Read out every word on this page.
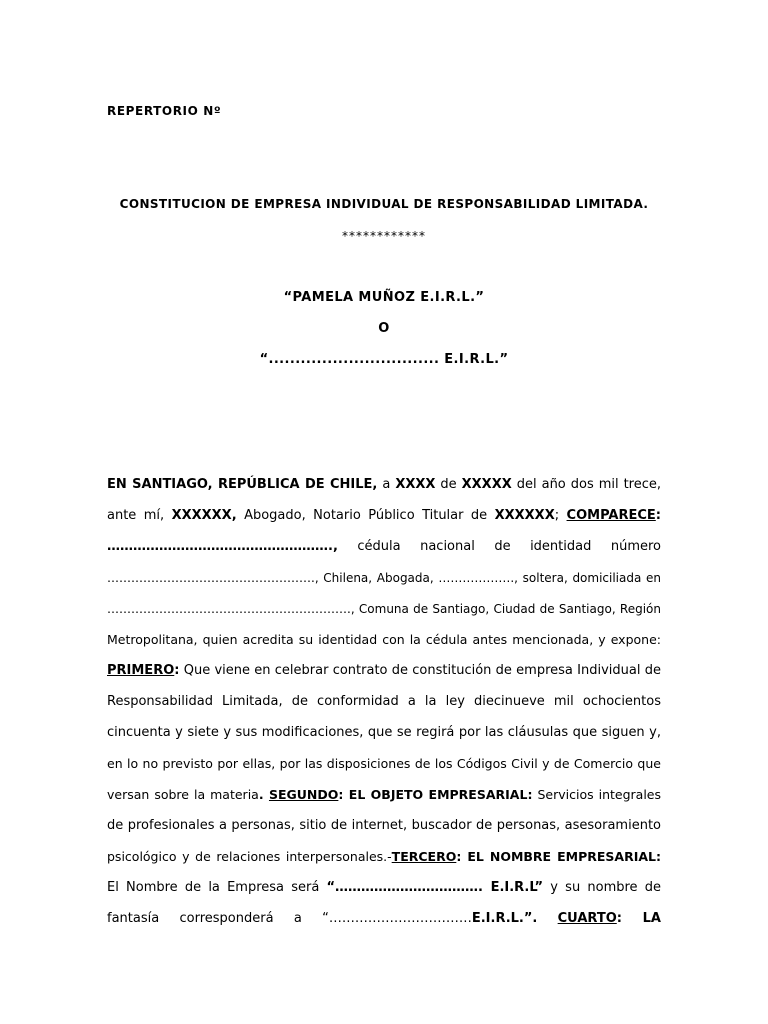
REPERTORIO Nº
CONSTITUCION DE EMPRESA INDIVIDUAL DE RESPONSABILIDAD LIMITADA.
************
“PAMELA MUÑOZ E.I.R.L.”
O
“................................ E.I.R.L.”
EN SANTIAGO, REPÚBLICA DE CHILE, a XXXX de XXXXX del año dos mil trece,
ante mí, XXXXXX, Abogado, Notario Público Titular de XXXXXX; COMPARECE:
……………………………………………., cédula nacional de identidad número
……………………………………………., Chilena, Abogada, ………………., soltera, domiciliada en
……………………………………………………., Comuna de Santiago, Ciudad de Santiago, Región
Metropolitana, quien acredita su identidad con la cédula antes mencionada, y expone:
PRIMERO: Que viene en celebrar contrato de constitución de empresa Individual de
Responsabilidad Limitada, de conformidad a la ley diecinueve mil ochocientos
cincuenta y siete y sus modificaciones, que se regirá por las cláusulas que siguen y,
en lo no previsto por ellas, por las disposiciones de los Códigos Civil y de Comercio que
versan sobre la materia. SEGUNDO: EL OBJETO EMPRESARIAL: Servicios integrales
de profesionales a personas, sitio de internet, buscador de personas, asesoramiento
psicológico y de relaciones interpersonales.-TERCERO: EL NOMBRE EMPRESARIAL:
El Nombre de la Empresa será “……………………………. E.I.R.L” y su nombre de
fantasía corresponderá a “……………………………E.I.R.L.”. CUARTO: LA
